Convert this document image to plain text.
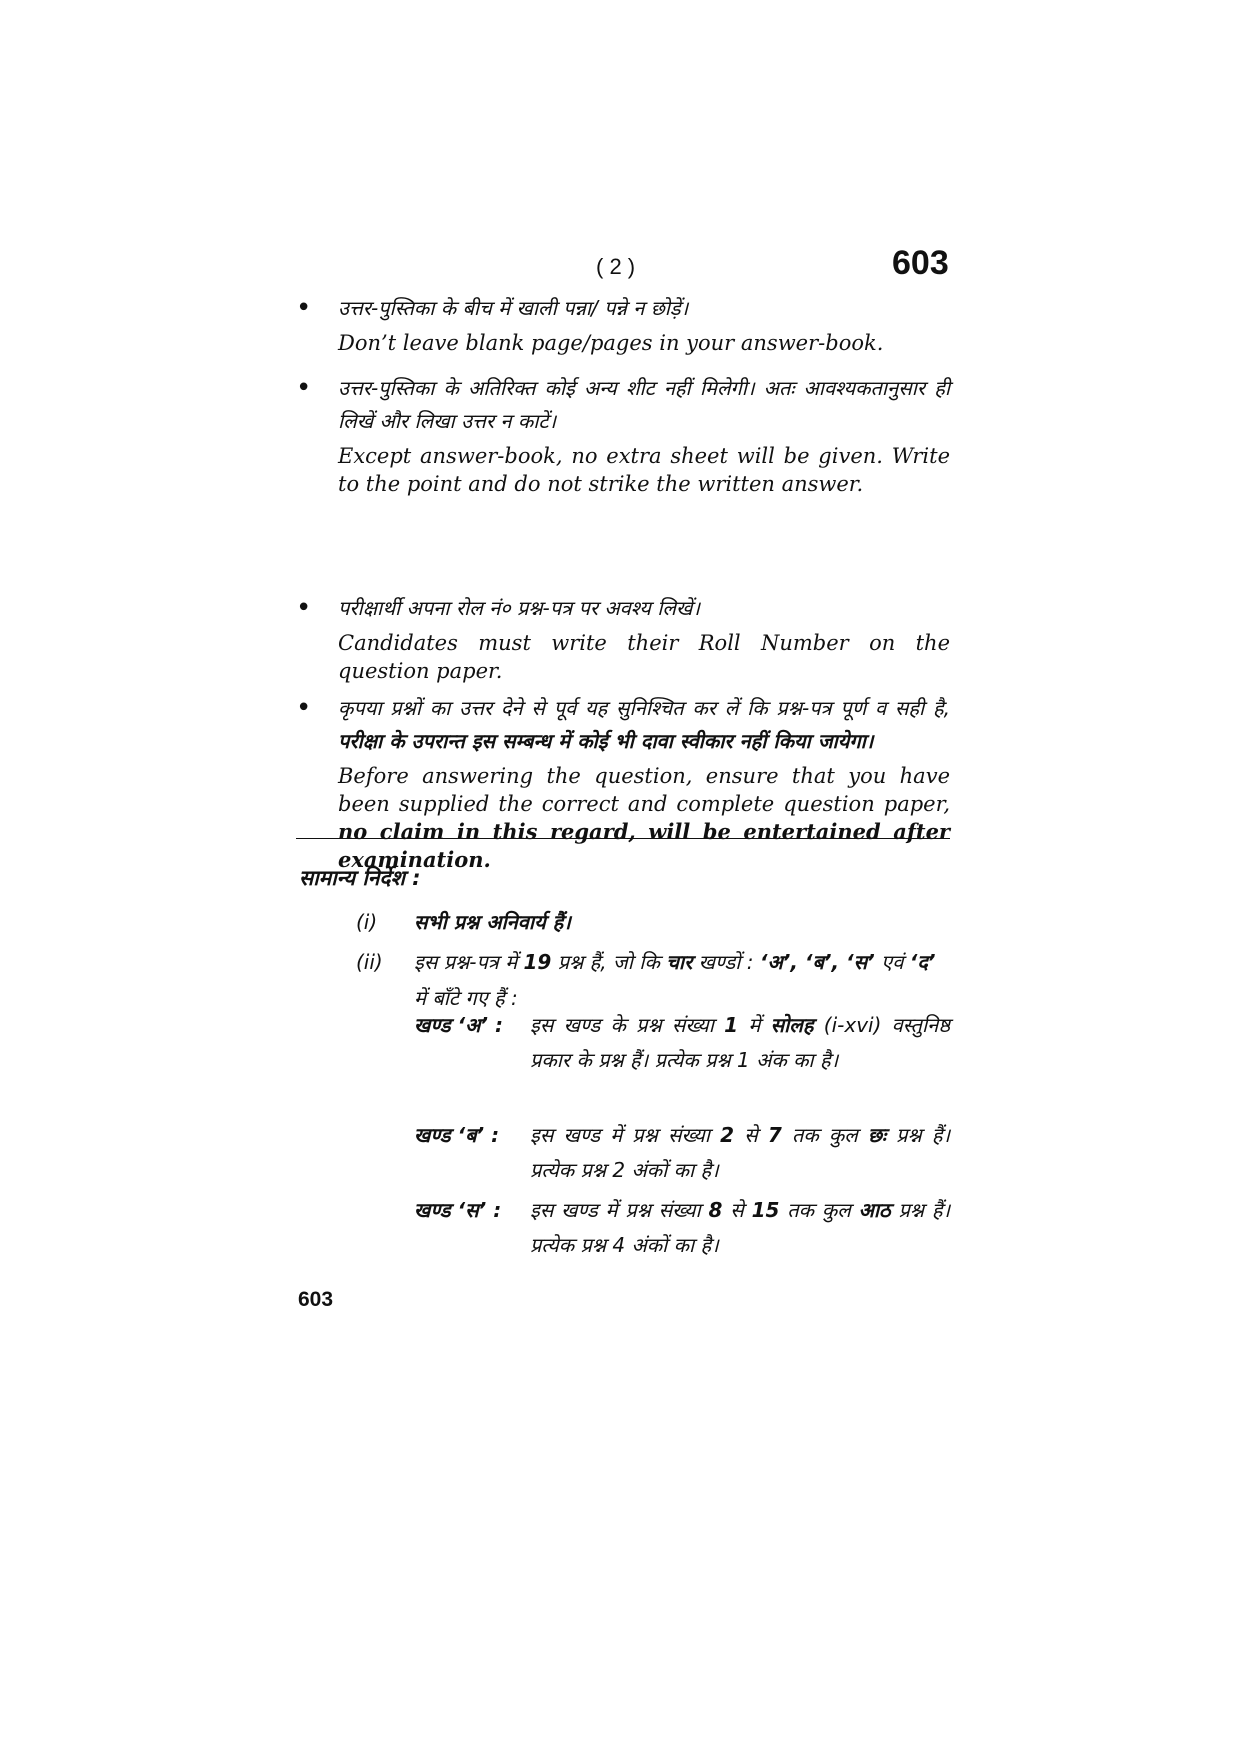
( 2 )	603
• उत्तर-पुस्तिका के बीच में खाली पन्ना/ पन्ने न छोड़ें।
Don’t leave blank page/pages in your answer-book.
• उत्तर-पुस्तिका के अतिरिक्त कोई अन्य शीट नहीं मिलेगी। अतः आवश्यकतानुसार ही लिखें और लिखा उत्तर न काटें।
Except answer-book, no extra sheet will be given. Write to the point and do not strike the written answer.
• परीक्षार्थी अपना रोल नं० प्रश्न-पत्र पर अवश्य लिखें।
Candidates must write their Roll Number on the question paper.
• कृपया प्रश्नों का उत्तर देने से पूर्व यह सुनिश्चित कर लें कि प्रश्न-पत्र पूर्ण व सही है, परीक्षा के उपरान्त इस सम्बन्ध में कोई भी दावा स्वीकार नहीं किया जायेगा।
Before answering the question, ensure that you have been supplied the correct and complete question paper, no claim in this regard, will be entertained after examination.
सामान्य निर्देश :
(i) सभी प्रश्न अनिवार्य हैं।
(ii) इस प्रश्न-पत्र में 19 प्रश्न हैं, जो कि चार खण्डों : ‘अ’, ‘ब’, ‘स’ एवं ‘द’ में बाँटे गए हैं :
खण्ड ‘अ’ : इस खण्ड के प्रश्न संख्या 1 में सोलह (i-xvi) वस्तुनिष्ठ प्रकार के प्रश्न हैं। प्रत्येक प्रश्न 1 अंक का है।
खण्ड ‘ब’ : इस खण्ड में प्रश्न संख्या 2 से 7 तक कुल छः प्रश्न हैं। प्रत्येक प्रश्न 2 अंकों का है।
खण्ड ‘स’ : इस खण्ड में प्रश्न संख्या 8 से 15 तक कुल आठ प्रश्न हैं। प्रत्येक प्रश्न 4 अंकों का है।
603
